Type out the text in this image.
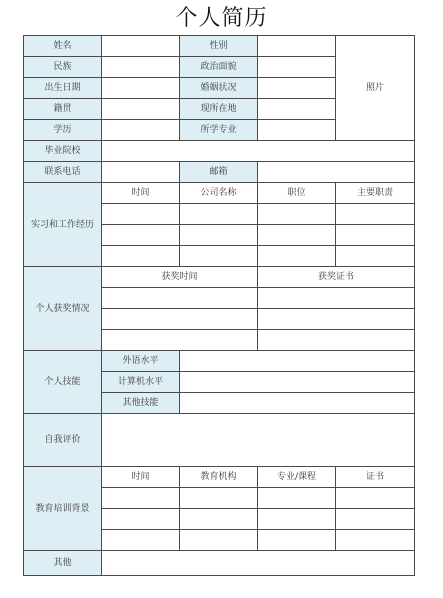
个人简历
姓名		性别		照片
民族		政治面貌		
出生日期		婚姻状况		
籍贯		现所在地		
学历		所学专业		
毕业院校				
联系电话		邮箱		
实习和工作经历	时间	公司名称	职位	主要职责

个人获奖情况	获奖时间		获奖证书	

个人技能	外语水平			
	计算机水平			
	其他技能			
自我评价				
教育培训背景	时间	教育机构	专业/课程	证书

其他				
